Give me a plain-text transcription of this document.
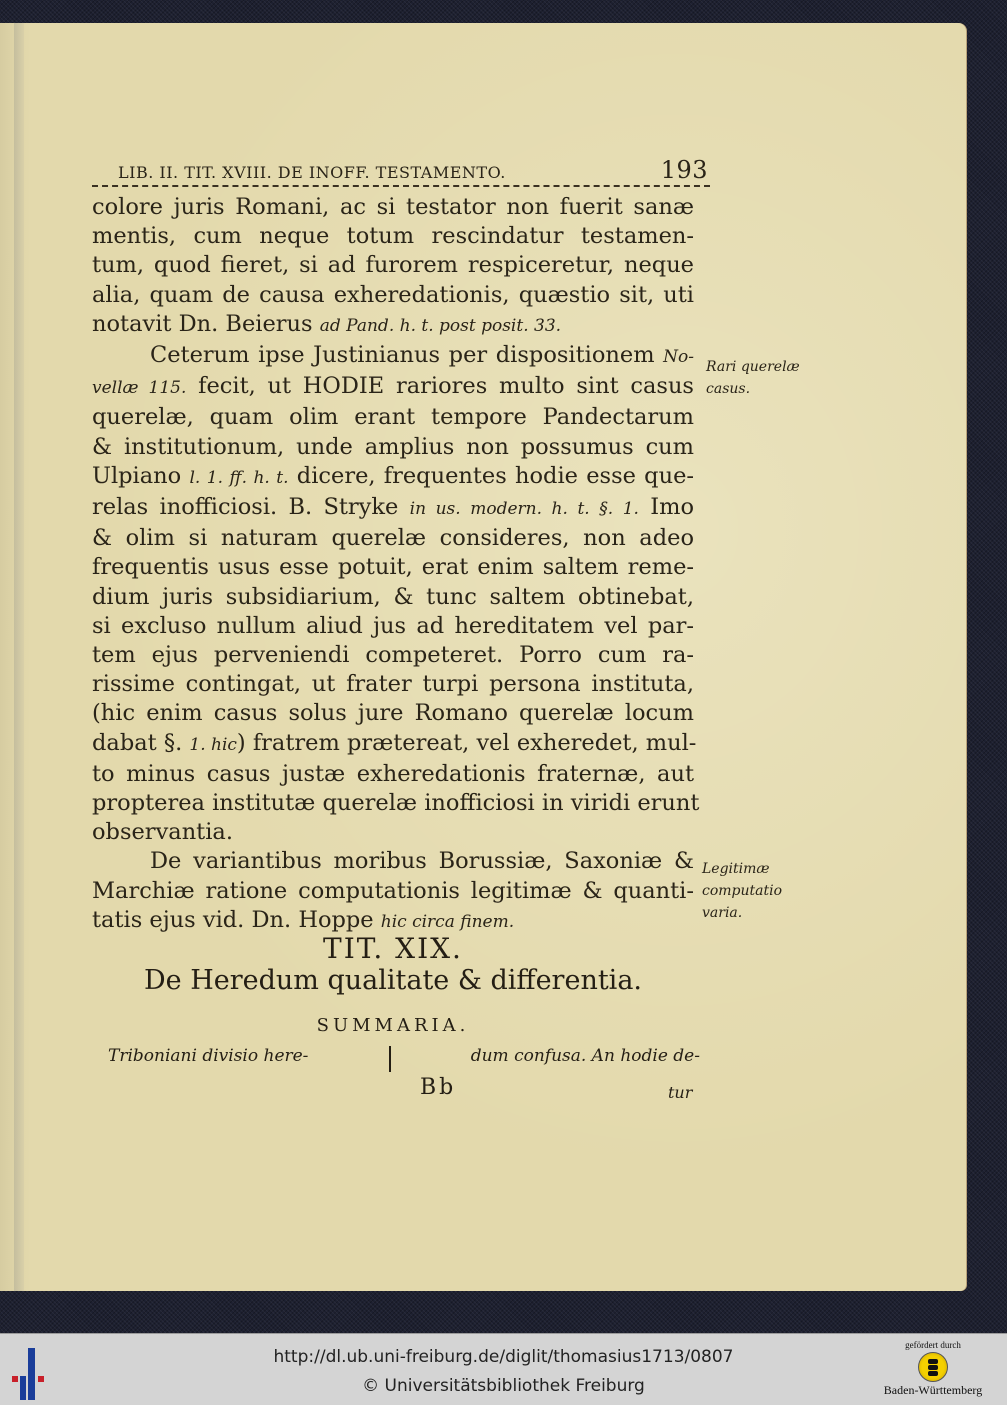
LIB. II. TIT. XVIII. DE INOFF. TESTAMENTO.	193
colore juris Romani, ac si testator non fuerit sanæ
mentis, cum neque totum rescindatur testamen-
tum, quod fieret, si ad furorem respiceretur, neque
alia, quam de causa exheredationis, quæstio sit, uti
notavit Dn. Beierus ad Pand. h. t. post posit. 33.
Ceterum ipse Justinianus per dispositionem No-
vellæ 115. fecit, ut HODIE rariores multo sint casus
querelæ, quam olim erant tempore Pandectarum
& institutionum, unde amplius non possumus cum
Ulpiano l. 1. ff. h. t. dicere, frequentes hodie esse que-
relas inofficiosi. B. Stryke in us. modern. h. t. §. 1. Imo
& olim si naturam querelæ consideres, non adeo
frequentis usus esse potuit, erat enim saltem reme-
dium juris subsidiarium, & tunc saltem obtinebat,
si excluso nullum aliud jus ad hereditatem vel par-
tem ejus perveniendi competeret. Porro cum ra-
rissime contingat, ut frater turpi persona instituta,
(hic enim casus solus jure Romano querelæ locum
dabat §. 1. hic) fratrem prætereat, vel exheredet, mul-
to minus casus justæ exheredationis fraternæ, aut
propterea institutæ querelæ inofficiosi in viridi erunt
observantia.
De variantibus moribus Borussiæ, Saxoniæ &
Marchiæ ratione computationis legitimæ & quanti-
tatis ejus vid. Dn. Hoppe hic circa finem.
Rari querelæ
casus.
Legitimæ
computatio
varia.
TIT. XIX.
De Heredum qualitate & differentia.
SUMMARIA.
Triboniani divisio here-	dum confusa. An hodie de-
Bb	tur
http://dl.ub.uni-freiburg.de/diglit/thomasius1713/0807
© Universitätsbibliothek Freiburg
gefördert durch
Baden-Württemberg
